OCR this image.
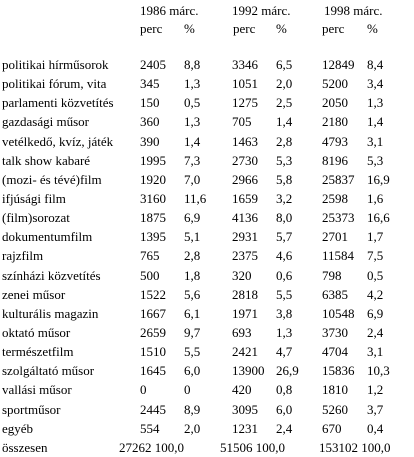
1986 márc.	1992 márc.	1998 márc.
perc %	perc %	perc %
politikai hírműsorok 2405 8,8 3346 6,5 12849 8,4
politikai fórum, vita	345 1,3 1051 2,0 5200 3,4
parlamenti közvetítés 150 0,5 1275 2,5 2050 1,3
gazdasági műsor	360 1,3 705 1,4 2180 1,4
vetélkedő, kvíz, játék 390 1,4 1463 2,8 4793 3,1
talk show kabaré	1995 7,3 2730 5,3 8196 5,3
(mozi- és tévé)film	1920 7,0 2966 5,8 25837 16,9
ifjúsági film	3160 11,6 1659 3,2 2598 1,6
(film)sorozat	1875 6,9 4136 8,0 25373 16,6
dokumentumfilm	1395 5,1 2931 5,7 2701 1,7
rajzfilm	765 2,8 2375 4,6 11584 7,5
színházi közvetítés	500 1,8 320 0,6 798 0,5
zenei műsor	1522 5,6 2818 5,5 6385 4,2
kulturális magazin	1667 6,1 1971 3,8 10548 6,9
oktató műsor	2659 9,7 693 1,3 3730 2,4
természetfilm	1510 5,5 2421 4,7 4704 3,1
szolgáltató műsor	1645 6,0 13900 26,9 15836 10,3
vallási műsor	0	0	420 0,8 1810 1,2
sportműsor	2445 8,9 3095 6,0 5260 3,7
egyéb	554 2,0 1231 2,4 670 0,4
összesen	27262 100,0	51506 100,0	153102 100,0
